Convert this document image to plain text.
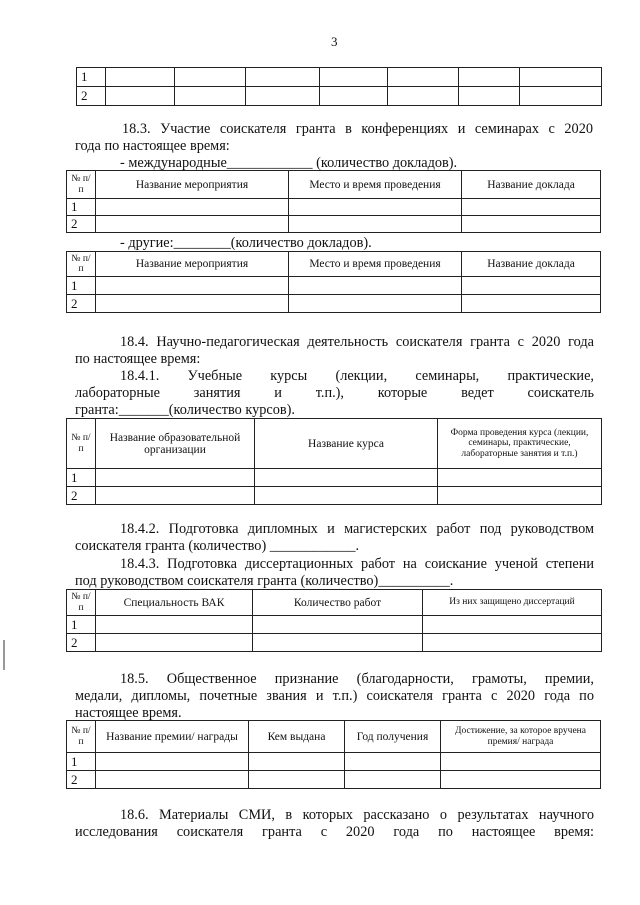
3
1							
2							
18.3. Участие соискателя гранта в конференциях и семинарах с 2020
года по настоящее время:
- международные____________ (количество докладов).
№ п/п	Название мероприятия	Место и время проведения	Название доклада
1			
2			
- другие:________(количество докладов).
№ п/п	Название мероприятия	Место и время проведения	Название доклада
1			
2			
18.4. Научно-педагогическая деятельность соискателя гранта с 2020 года
по настоящее время:
18.4.1. Учебные курсы (лекции, семинары, практические,
лабораторные занятия и т.п.), которые ведет соискатель
гранта:_______(количество курсов).
№ п/п	Название образовательной организации	Название курса	Форма проведения курса (лекции, семинары, практические, лабораторные занятия и т.п.)
1			
2			
18.4.2. Подготовка дипломных и магистерских работ под руководством
соискателя гранта (количество) ____________.
18.4.3. Подготовка диссертационных работ на соискание ученой степени
под руководством соискателя гранта (количество)__________.
№ п/п	Специальность ВАК	Количество работ	Из них защищено диссертаций
1			
2			
18.5. Общественное признание (благодарности, грамоты, премии,
медали, дипломы, почетные звания и т.п.) соискателя гранта с 2020 года по
настоящее время.
№ п/п	Название премии/ награды	Кем выдана	Год получения	Достижение, за которое вручена премия/ награда
1				
2				
18.6. Материалы СМИ, в которых рассказано о результатах научного
исследования соискателя гранта с 2020 года по настоящее время:
